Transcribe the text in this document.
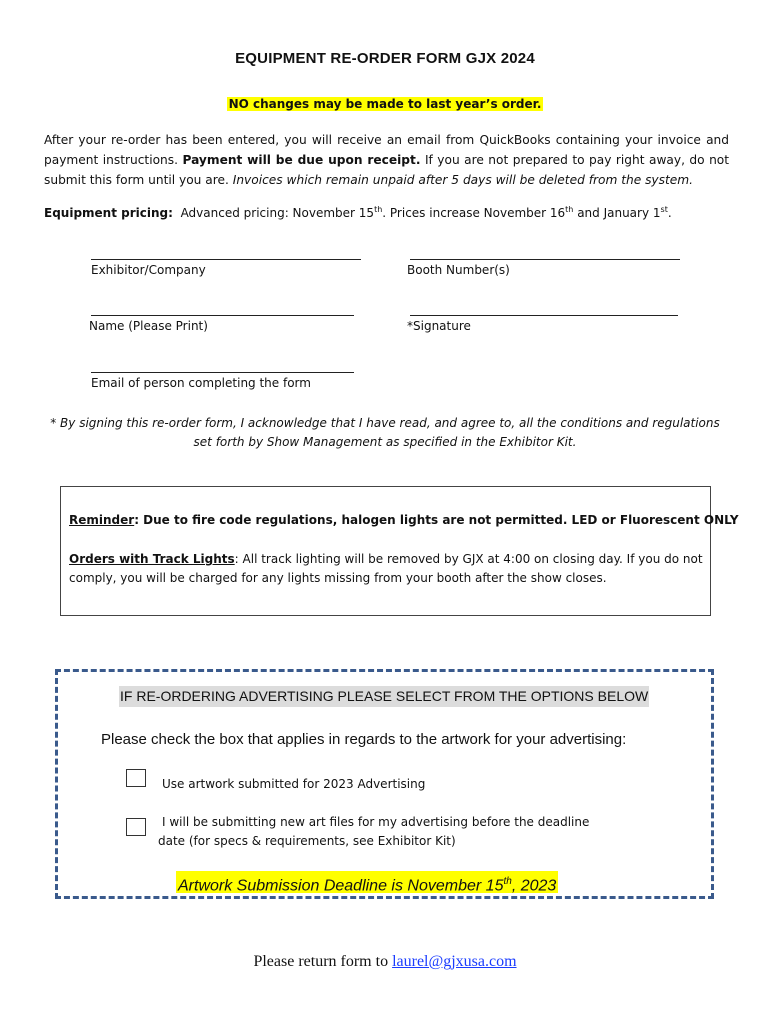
EQUIPMENT RE-ORDER FORM GJX 2024
NO changes may be made to last year’s order.
After your re-order has been entered, you will receive an email from QuickBooks containing your invoice and payment instructions. Payment will be due upon receipt. If you are not prepared to pay right away, do not submit this form until you are. Invoices which remain unpaid after 5 days will be deleted from the system.
Equipment pricing: Advanced pricing: November 15th. Prices increase November 16th and January 1st.
Exhibitor/Company	Booth Number(s)
Name (Please Print)	*Signature
Email of person completing the form
* By signing this re-order form, I acknowledge that I have read, and agree to, all the conditions and regulations set forth by Show Management as specified in the Exhibitor Kit.
Reminder: Due to fire code regulations, halogen lights are not permitted. LED or Fluorescent ONLY
Orders with Track Lights: All track lighting will be removed by GJX at 4:00 on closing day. If you do not comply, you will be charged for any lights missing from your booth after the show closes.
IF RE-ORDERING ADVERTISING PLEASE SELECT FROM THE OPTIONS BELOW
Please check the box that applies in regards to the artwork for your advertising:
Use artwork submitted for 2023 Advertising
I will be submitting new art files for my advertising before the deadline date (for specs & requirements, see Exhibitor Kit)
Artwork Submission Deadline is November 15th, 2023
Please return form to laurel@gjxusa.com
